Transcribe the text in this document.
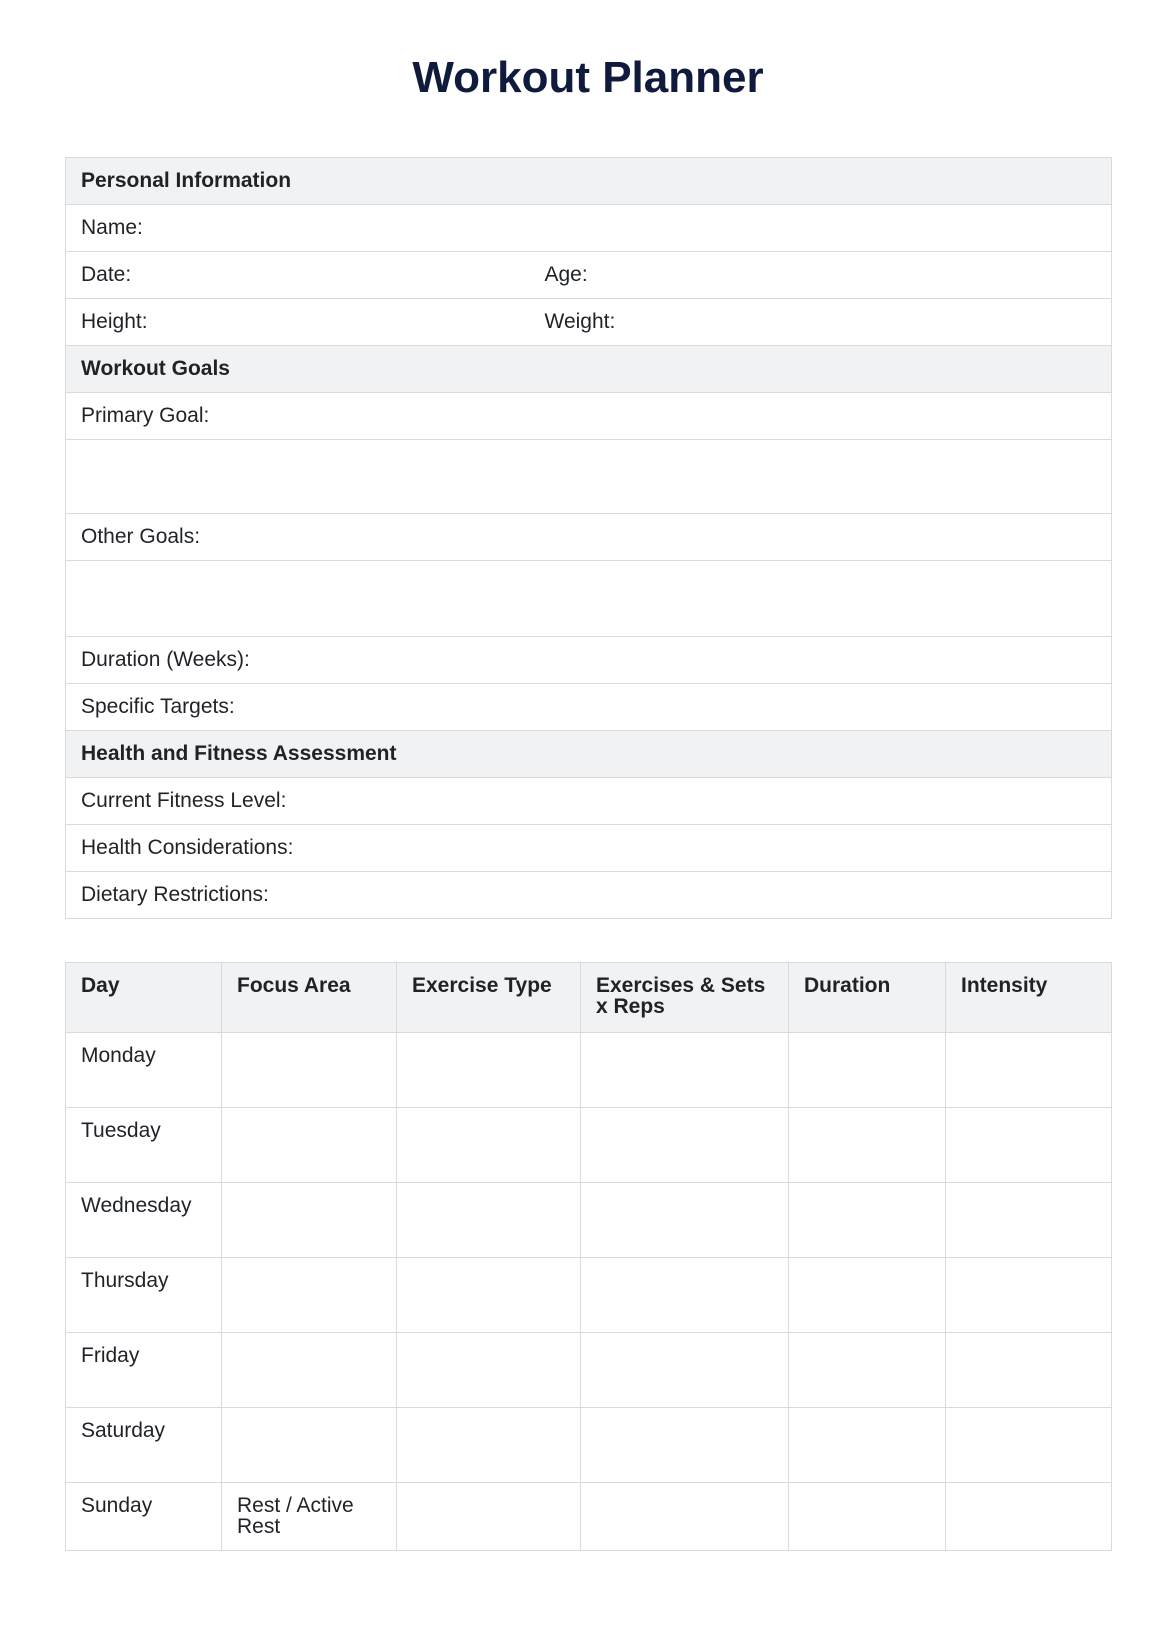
Workout Planner
Personal Information	
Name:	
Date:	Age:
Height:	Weight:
Workout Goals	
Primary Goal:	

Other Goals:	

Duration (Weeks):	
Specific Targets:	
Health and Fitness Assessment	
Current Fitness Level:	
Health Considerations:	
Dietary Restrictions:	
Day	Focus Area	Exercise Type	Exercises & Sets x Reps	Duration	Intensity
Monday					
Tuesday					
Wednesday					
Thursday					
Friday					
Saturday					
Sunday	Rest / Active Rest				
